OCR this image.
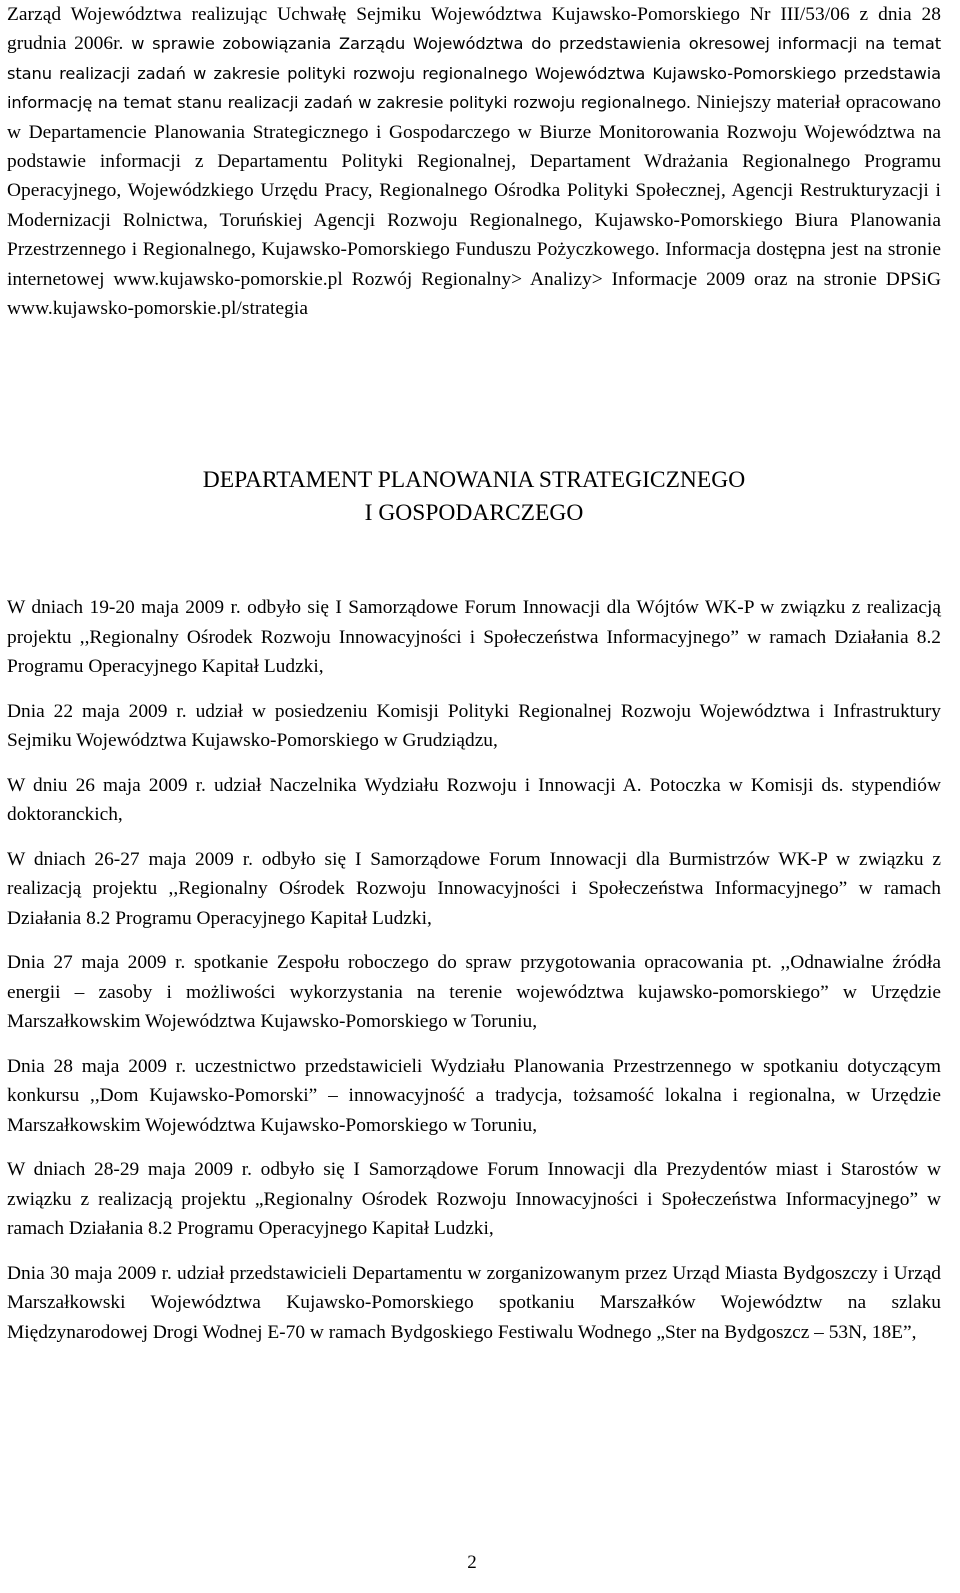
Zarząd Województwa realizując Uchwałę Sejmiku Województwa Kujawsko-Pomorskiego Nr III/53/06 z dnia 28 grudnia 2006r. w sprawie zobowiązania Zarządu Województwa do przedstawienia okresowej informacji na temat stanu realizacji zadań w zakresie polityki rozwoju regionalnego Województwa Kujawsko-Pomorskiego przedstawia informację na temat stanu realizacji zadań w zakresie polityki rozwoju regionalnego. Niniejszy materiał opracowano w Departamencie Planowania Strategicznego i Gospodarczego w Biurze Monitorowania Rozwoju Województwa na podstawie informacji z Departamentu Polityki Regionalnej, Departament Wdrażania Regionalnego Programu Operacyjnego, Wojewódzkiego Urzędu Pracy, Regionalnego Ośrodka Polityki Społecznej, Agencji Restrukturyzacji i Modernizacji Rolnictwa, Toruńskiej Agencji Rozwoju Regionalnego, Kujawsko-Pomorskiego Biura Planowania Przestrzennego i Regionalnego, Kujawsko-Pomorskiego Funduszu Pożyczkowego. Informacja dostępna jest na stronie internetowej www.kujawsko-pomorskie.pl Rozwój Regionalny> Analizy> Informacje 2009 oraz na stronie DPSiG www.kujawsko-pomorskie.pl/strategia

DEPARTAMENT PLANOWANIA STRATEGICZNEGO
I GOSPODARCZEGO

W dniach 19-20 maja 2009 r. odbyło się I Samorządowe Forum Innowacji dla Wójtów WK-P w związku z realizacją projektu ,,Regionalny Ośrodek Rozwoju Innowacyjności i Społeczeństwa Informacyjnego” w ramach Działania 8.2 Programu Operacyjnego Kapitał Ludzki,

Dnia 22 maja 2009 r. udział w posiedzeniu Komisji Polityki Regionalnej Rozwoju Województwa i Infrastruktury Sejmiku Województwa Kujawsko-Pomorskiego w Grudziądzu,

W dniu 26 maja 2009 r. udział Naczelnika Wydziału Rozwoju i Innowacji A. Potoczka w Komisji ds. stypendiów doktoranckich,

W dniach 26-27 maja 2009 r. odbyło się I Samorządowe Forum Innowacji dla Burmistrzów WK-P w związku z realizacją projektu ,,Regionalny Ośrodek Rozwoju Innowacyjności i Społeczeństwa Informacyjnego” w ramach Działania 8.2 Programu Operacyjnego Kapitał Ludzki,

Dnia 27 maja 2009 r. spotkanie Zespołu roboczego do spraw przygotowania opracowania pt. ,,Odnawialne źródła energii – zasoby i możliwości wykorzystania na terenie województwa kujawsko-pomorskiego” w Urzędzie Marszałkowskim Województwa Kujawsko-Pomorskiego w Toruniu,

Dnia 28 maja 2009 r. uczestnictwo przedstawicieli Wydziału Planowania Przestrzennego w spotkaniu dotyczącym konkursu ,,Dom Kujawsko-Pomorski” – innowacyjność a tradycja, tożsamość lokalna i regionalna, w Urzędzie Marszałkowskim Województwa Kujawsko-Pomorskiego w Toruniu,

W dniach 28-29 maja 2009 r. odbyło się I Samorządowe Forum Innowacji dla Prezydentów miast i Starostów w związku z realizacją projektu „Regionalny Ośrodek Rozwoju Innowacyjności i Społeczeństwa Informacyjnego” w ramach Działania 8.2 Programu Operacyjnego Kapitał Ludzki,

Dnia 30 maja 2009 r. udział przedstawicieli Departamentu w zorganizowanym przez Urząd Miasta Bydgoszczy i Urząd Marszałkowski Województwa Kujawsko-Pomorskiego spotkaniu Marszałków Województw na szlaku Międzynarodowej Drogi Wodnej E-70 w ramach Bydgoskiego Festiwalu Wodnego „Ster na Bydgoszcz – 53N, 18E”,

2
